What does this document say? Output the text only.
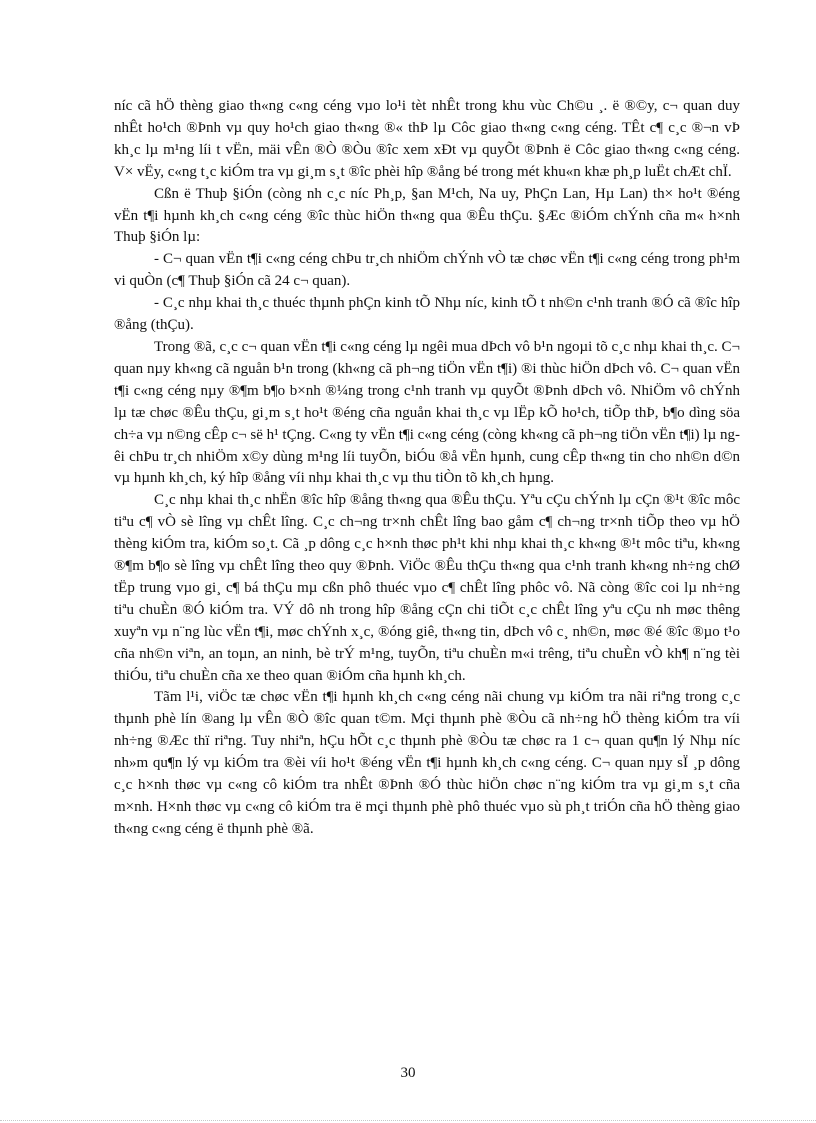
níc cã hÖ thèng giao th«ng c«ng céng vµo lo¹i tèt nhÊt trong khu vùc Ch©u ¸. ë ®©y, c¬ quan duy nhÊt ho¹ch ®Þnh vµ quy ho¹ch giao th«ng ®« thÞ lµ Côc giao th«ng c«ng céng. TÊt c¶ c¸c ®¬n vÞ kh¸c lµ m¹ng líi t vËn, mäi vÊn ®Ò ®Òu ®îc xem xÐt vµ quyÕt ®Þnh ë Côc giao th«ng c«ng céng. V× vËy, c«ng t¸c kiÓm tra vµ gi¸m s¸t ®îc phèi hîp ®ång bé trong mét khu«n khæ ph¸p luËt chÆt chÏ.

Cßn ë Thuþ §iÓn (còng nh c¸c níc Ph¸p, §an M¹ch, Na uy, PhÇn Lan, Hµ Lan) th× ho¹t ®éng vËn t¶i hµnh kh¸ch c«ng céng ®îc thùc hiÖn th«ng qua ®Êu thÇu. §Æc ®iÓm chÝnh cña m« h×nh Thuþ §iÓn lµ:

- C¬ quan vËn t¶i c«ng céng chÞu tr¸ch nhiÖm chÝnh vÒ tæ chøc vËn t¶i c«ng céng trong ph¹m vi quÒn (c¶ Thuþ §iÓn cã 24 c¬ quan).

- C¸c nhµ khai th¸c thuéc thµnh phÇn kinh tÕ Nhµ níc, kinh tÕ t nh©n c¹nh tranh ®Ó cã ®îc hîp ®ång (thÇu).

Trong ®ã, c¸c c¬ quan vËn t¶i c«ng céng lµ ngêi mua dÞch vô b¹n ngoµi tõ c¸c nhµ khai th¸c. C¬ quan nµy kh«ng cã nguån b¹n trong (kh«ng cã ph¬ng tiÖn vËn t¶i) ®i thùc hiÖn dÞch vô. C¬ quan vËn t¶i c«ng céng nµy ®¶m b¶o b×nh ®¼ng trong c¹nh tranh vµ quyÕt ®Þnh dÞch vô. NhiÖm vô chÝnh lµ tæ chøc ®Êu thÇu, gi¸m s¸t ho¹t ®éng cña nguån khai th¸c vµ lËp kÕ ho¹ch, tiÕp thÞ, b¶o dìng söa ch÷a vµ n©ng cÊp c¬ së h¹ tÇng. C«ng ty vËn t¶i c«ng céng (còng kh«ng cã ph¬ng tiÖn vËn t¶i) lµ ngêi chÞu tr¸ch nhiÖm x©y dùng m¹ng líi tuyÕn, biÓu ®å vËn hµnh, cung cÊp th«ng tin cho nh©n d©n vµ hµnh kh¸ch, ký hîp ®ång víi nhµ khai th¸c vµ thu tiÒn tõ kh¸ch hµng.

C¸c nhµ khai th¸c nhËn ®îc hîp ®ång th«ng qua ®Êu thÇu. Yªu cÇu chÝnh lµ cÇn ®¹t ®îc môc tiªu c¶ vÒ sè lîng vµ chÊt lîng. C¸c ch¬ng tr×nh chÊt lîng bao gåm c¶ ch¬ng tr×nh tiÕp theo vµ hÖ thèng kiÓm tra, kiÓm so¸t. Cã ¸p dông c¸c h×nh thøc ph¹t khi nhµ khai th¸c kh«ng ®¹t môc tiªu, kh«ng ®¶m b¶o sè lîng vµ chÊt lîng theo quy ®Þnh. ViÖc ®Êu thÇu th«ng qua c¹nh tranh kh«ng nh÷ng chØ tËp trung vµo gi¸ c¶ bá thÇu mµ cßn phô thuéc vµo c¶ chÊt lîng phôc vô. Nã còng ®îc coi lµ nh÷ng tiªu chuÈn ®Ó kiÓm tra. VÝ dô nh trong hîp ®ång cÇn chi tiÕt c¸c chÊt lîng yªu cÇu nh møc thêng xuyªn vµ n¨ng lùc vËn t¶i, møc chÝnh x¸c, ®óng giê, th«ng tin, dÞch vô c¸ nh©n, møc ®é ®îc ®µo t¹o cña nh©n viªn, an toµn, an ninh, bè trÝ m¹ng, tuyÕn, tiªu chuÈn m«i trêng, tiªu chuÈn vÒ kh¶ n¨ng tèi thiÓu, tiªu chuÈn cña xe theo quan ®iÓm cña hµnh kh¸ch.

Tãm l¹i, viÖc tæ chøc vËn t¶i hµnh kh¸ch c«ng céng nãi chung vµ kiÓm tra nãi riªng trong c¸c thµnh phè lín ®ang lµ vÊn ®Ò ®îc quan t©m. Mçi thµnh phè ®Òu cã nh÷ng hÖ thèng kiÓm tra víi nh÷ng ®Æc thï riªng. Tuy nhiªn, hÇu hÕt c¸c thµnh phè ®Òu tæ chøc ra 1 c¬ quan qu¶n lý Nhµ níc nh»m qu¶n lý vµ kiÓm tra ®èi víi ho¹t ®éng vËn t¶i hµnh kh¸ch c«ng céng. C¬ quan nµy sÏ ¸p dông c¸c h×nh thøc vµ c«ng cô kiÓm tra nhÊt ®Þnh ®Ó thùc hiÖn chøc n¨ng kiÓm tra vµ gi¸m s¸t cña m×nh. H×nh thøc vµ c«ng cô kiÓm tra ë mçi thµnh phè phô thuéc vµo sù ph¸t triÓn cña hÖ thèng giao th«ng c«ng céng ë thµnh phè ®ã.

30
